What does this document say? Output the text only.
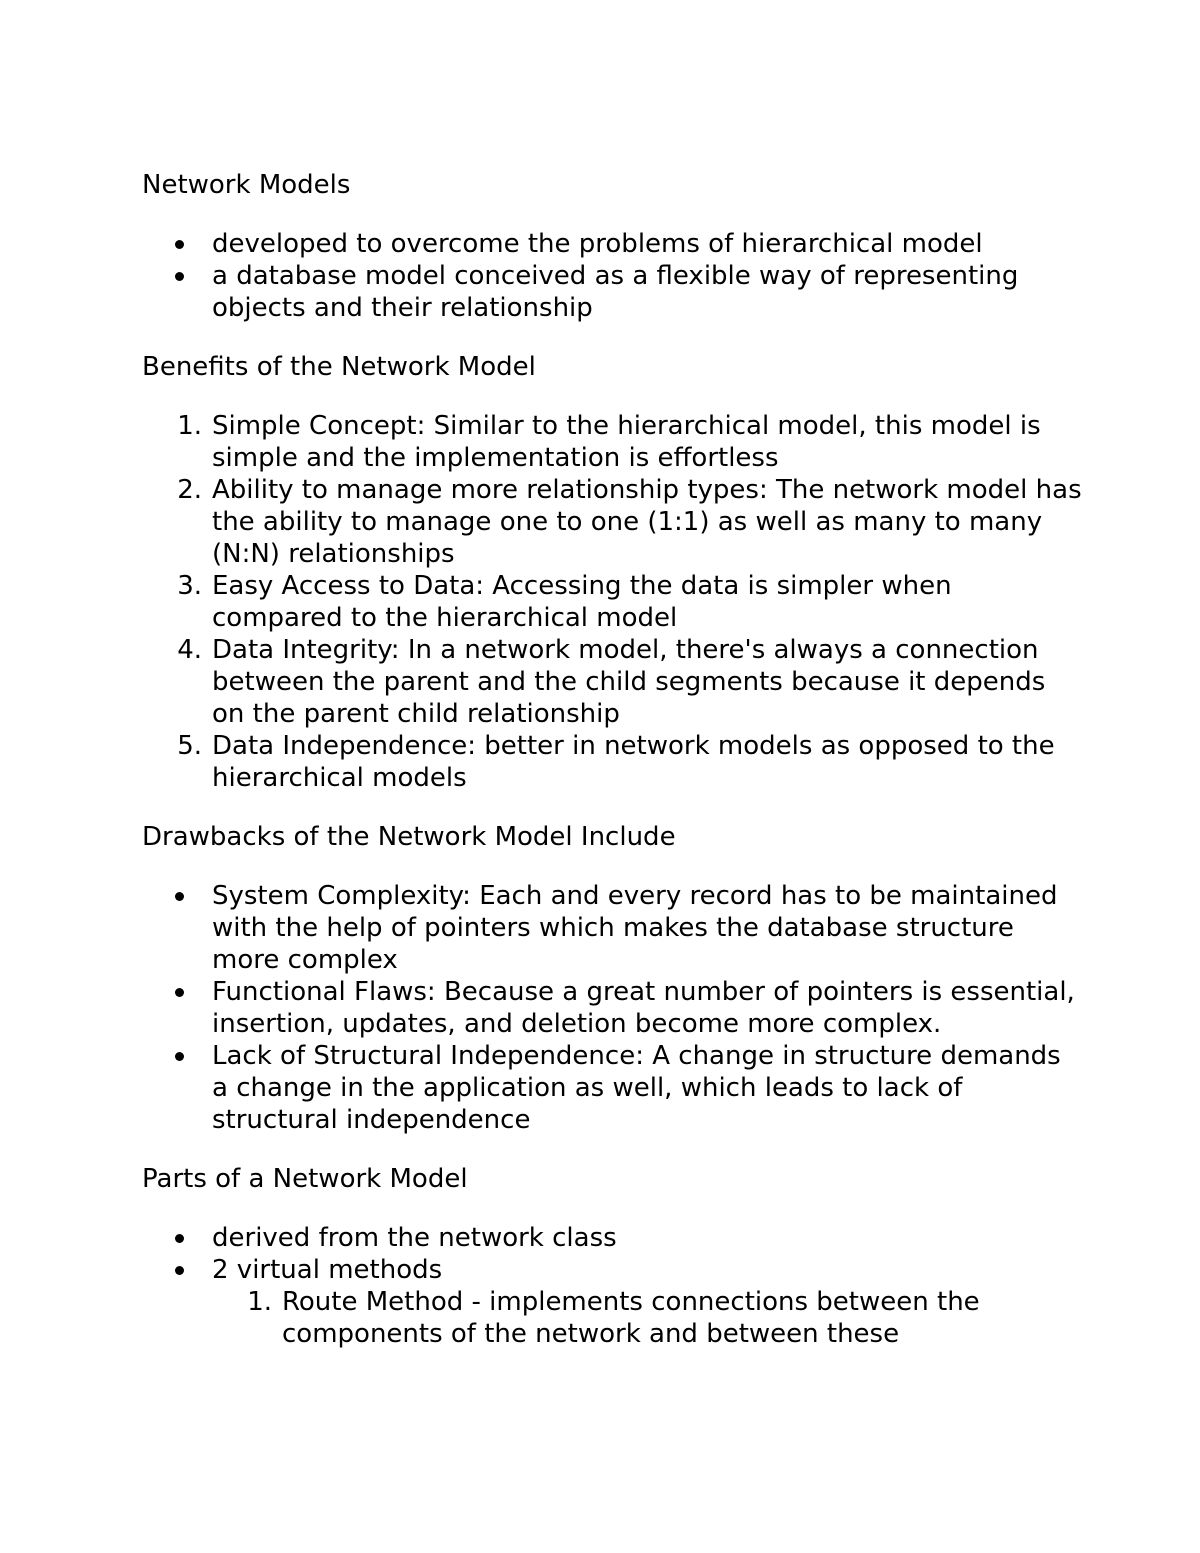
Network Models

developed to overcome the problems of hierarchical model
a database model conceived as a flexible way of representing objects and their relationship

Benefits of the Network Model

1. Simple Concept: Similar to the hierarchical model, this model is simple and the implementation is effortless
2. Ability to manage more relationship types: The network model has the ability to manage one to one (1:1) as well as many to many (N:N) relationships
3. Easy Access to Data: Accessing the data is simpler when compared to the hierarchical model
4. Data Integrity: In a network model, there's always a connection between the parent and the child segments because it depends on the parent child relationship
5. Data Independence: better in network models as opposed to the hierarchical models

Drawbacks of the Network Model Include

System Complexity: Each and every record has to be maintained with the help of pointers which makes the database structure more complex
Functional Flaws: Because a great number of pointers is essential, insertion, updates, and deletion become more complex.
Lack of Structural Independence: A change in structure demands a change in the application as well, which leads to lack of structural independence

Parts of a Network Model

derived from the network class
2 virtual methods
1. Route Method - implements connections between the components of the network and between these
